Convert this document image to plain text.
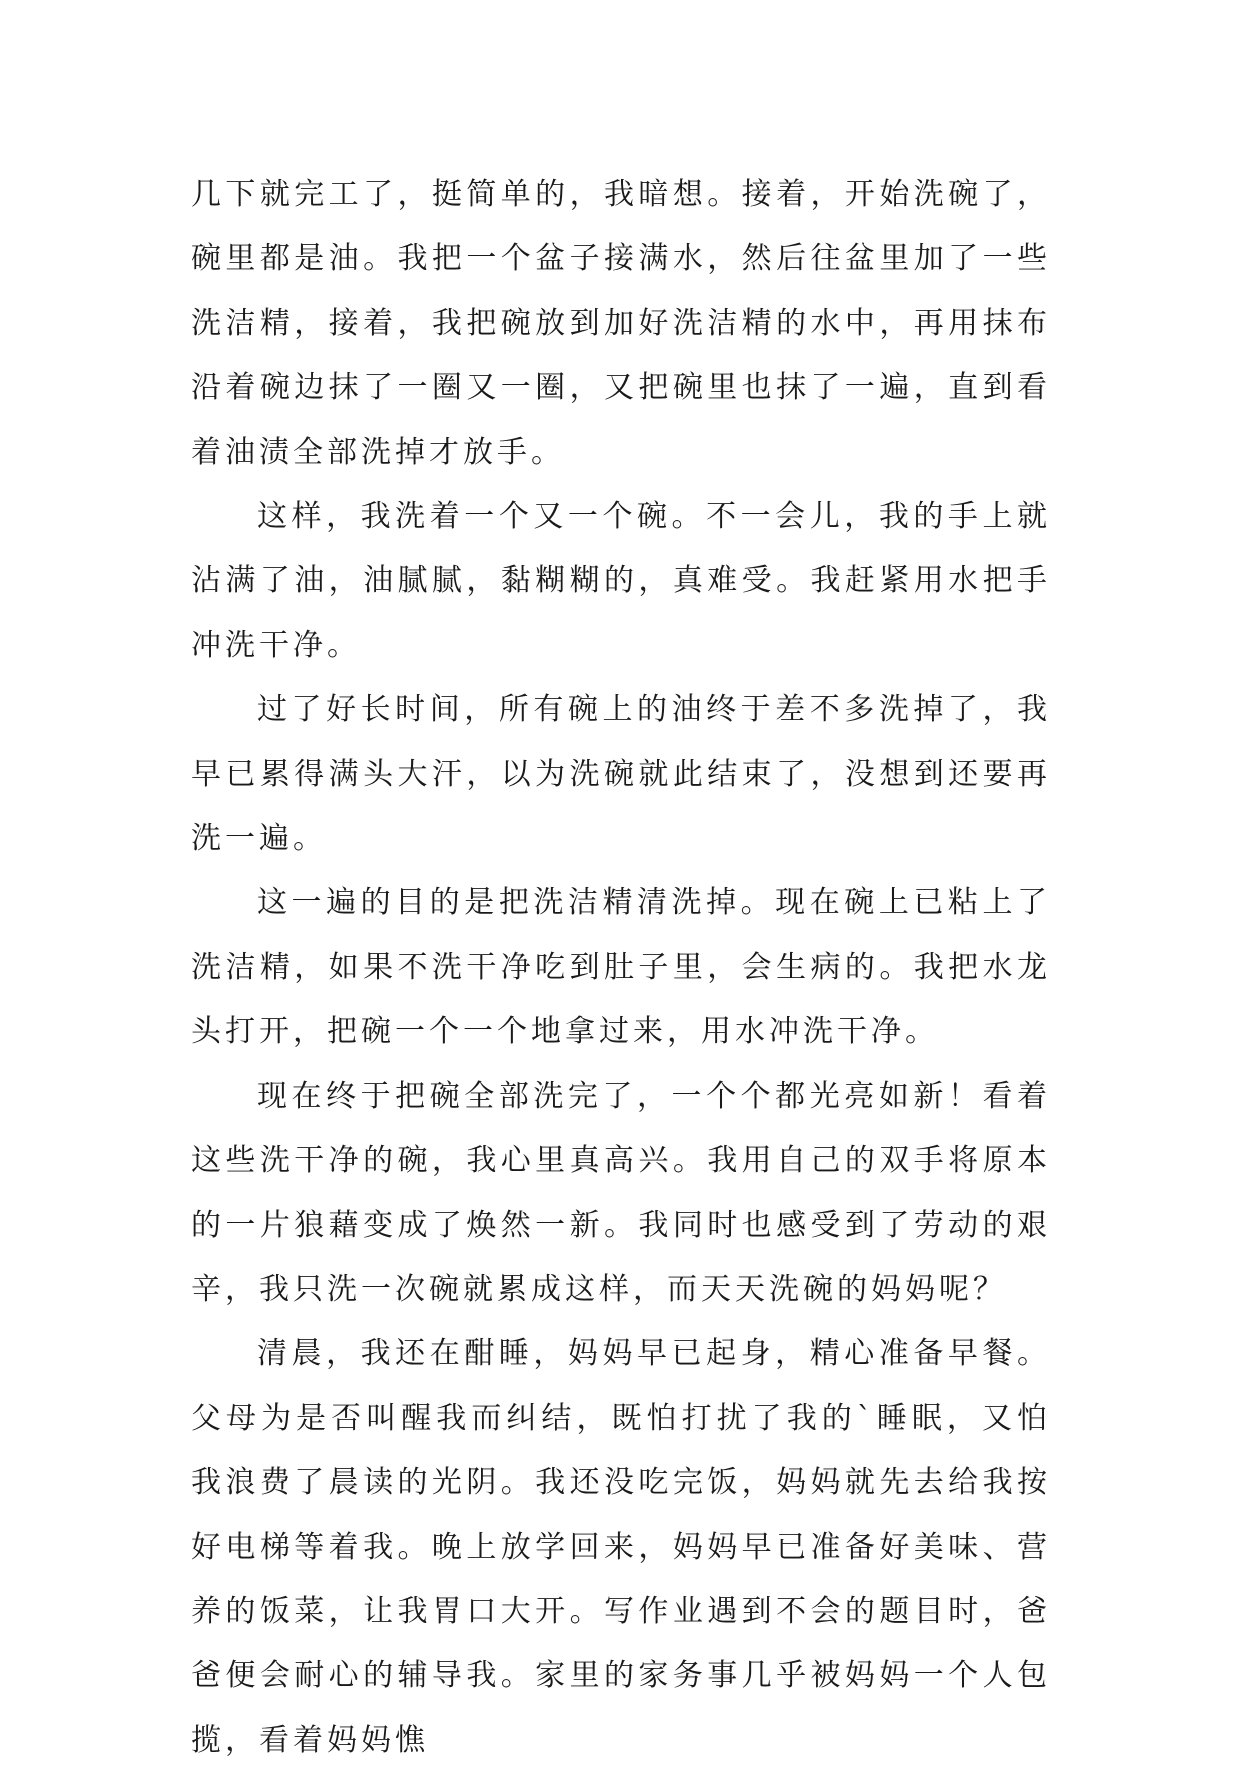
几下就完工了，挺简单的，我暗想。接着，开始洗碗了，碗里都是油。我把一个盆子接满水，然后往盆里加了一些洗洁精，接着，我把碗放到加好洗洁精的水中，再用抹布沿着碗边抹了一圈又一圈，又把碗里也抹了一遍，直到看着油渍全部洗掉才放手。

这样，我洗着一个又一个碗。不一会儿，我的手上就沾满了油，油腻腻，黏糊糊的，真难受。我赶紧用水把手冲洗干净。

过了好长时间，所有碗上的油终于差不多洗掉了，我早已累得满头大汗，以为洗碗就此结束了，没想到还要再洗一遍。

这一遍的目的是把洗洁精清洗掉。现在碗上已粘上了洗洁精，如果不洗干净吃到肚子里，会生病的。我把水龙头打开，把碗一个一个地拿过来，用水冲洗干净。

现在终于把碗全部洗完了，一个个都光亮如新！看着这些洗干净的碗，我心里真高兴。我用自己的双手将原本的一片狼藉变成了焕然一新。我同时也感受到了劳动的艰辛，我只洗一次碗就累成这样，而天天洗碗的妈妈呢？

清晨，我还在酣睡，妈妈早已起身，精心准备早餐。父母为是否叫醒我而纠结，既怕打扰了我的`睡眠，又怕我浪费了晨读的光阴。我还没吃完饭，妈妈就先去给我按好电梯等着我。晚上放学回来，妈妈早已准备好美味、营养的饭菜，让我胃口大开。写作业遇到不会的题目时，爸爸便会耐心的辅导我。家里的家务事几乎被妈妈一个人包揽，看着妈妈憔
